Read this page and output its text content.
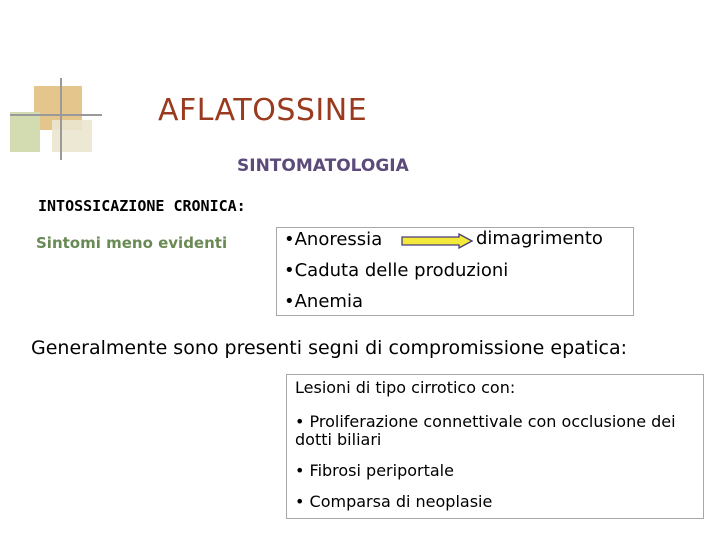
AFLATOSSINE
SINTOMATOLOGIA
INTOSSICAZIONE CRONICA:
Sintomi meno evidenti	•Anoressia	dimagrimento
•Caduta delle produzioni
•Anemia
Generalmente sono presenti segni di compromissione epatica:
Lesioni di tipo cirrotico con:
• Proliferazione connettivale con occlusione dei dotti biliari
• Fibrosi periportale
• Comparsa di neoplasie
